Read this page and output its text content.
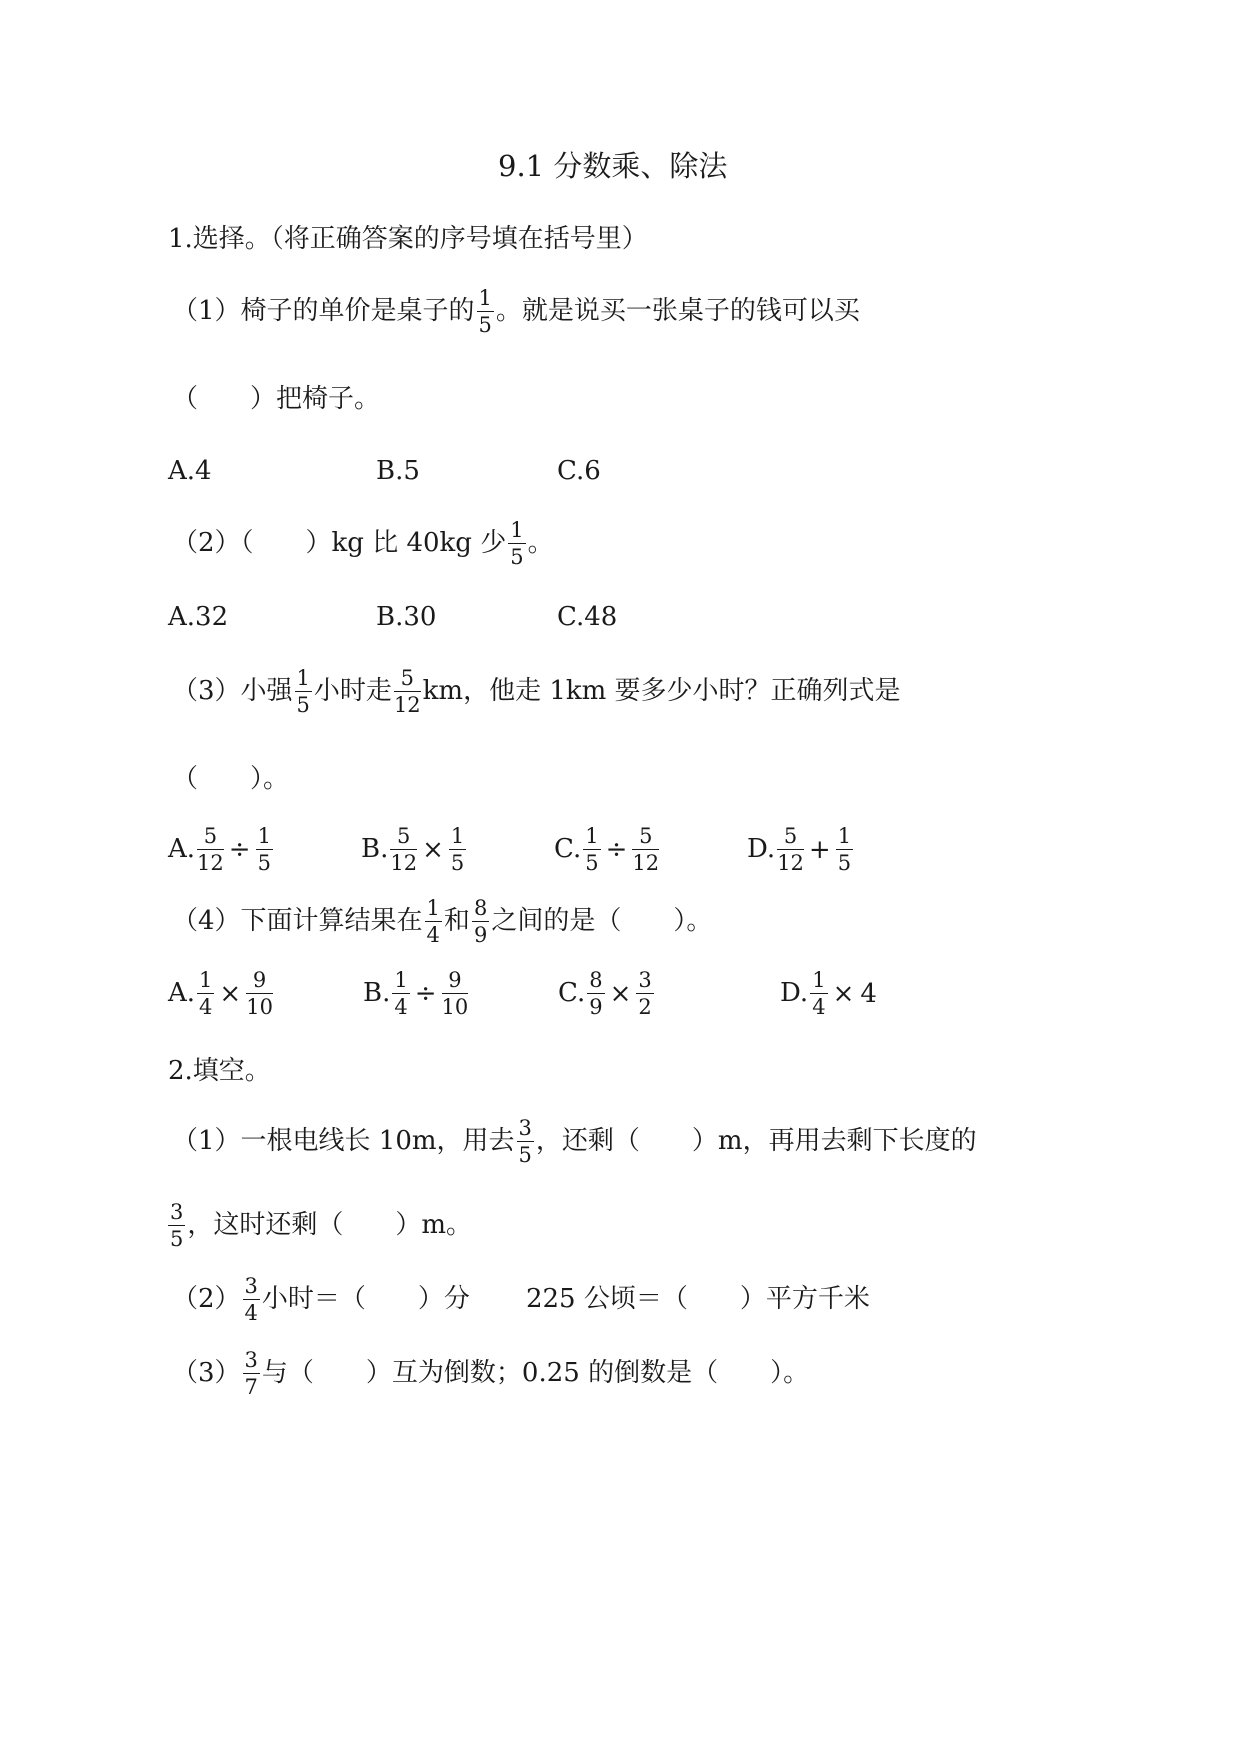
9.1 分数乘、除法
1.选择。（将正确答案的序号填在括号里）
（1）椅子的单价是桌子的 $\frac{1}{5}$ 。就是说买一张桌子的钱可以买
（　　）把椅子。
A.4	B.5	C.6
（2）（　　）kg 比 40kg 少 $\frac{1}{5}$ 。
A.32	B.30	C.48
（3）小强 $\frac{1}{5}$ 小时走 $\frac{5}{12}$ km，他走 1km 要多少小时？正确列式是
（　　）。
A. $\frac{5}{12} \div \frac{1}{5}$	B. $\frac{5}{12} \times \frac{1}{5}$	C. $\frac{1}{5} \div \frac{5}{12}$	D. $\frac{5}{12} + \frac{1}{5}$
（4）下面计算结果在 $\frac{1}{4}$ 和 $\frac{8}{9}$ 之间的是（　　）。
A. $\frac{1}{4} \times \frac{9}{10}$	B. $\frac{1}{4} \div \frac{9}{10}$	C. $\frac{8}{9} \times \frac{3}{2}$	D. $\frac{1}{4} \times 4$
2.填空。
（1）一根电线长 10m，用去 $\frac{3}{5}$ ，还剩（　　）m，再用去剩下长度的
$\frac{3}{5}$ ，这时还剩（　　）m。
$(2) \frac{3}{4}$ 小时＝（　　）分 225 公顷＝（　　）平方千米
$(3) \frac{3}{7}$ 与（　　）互为倒数；0.25 的倒数是（　　）。
